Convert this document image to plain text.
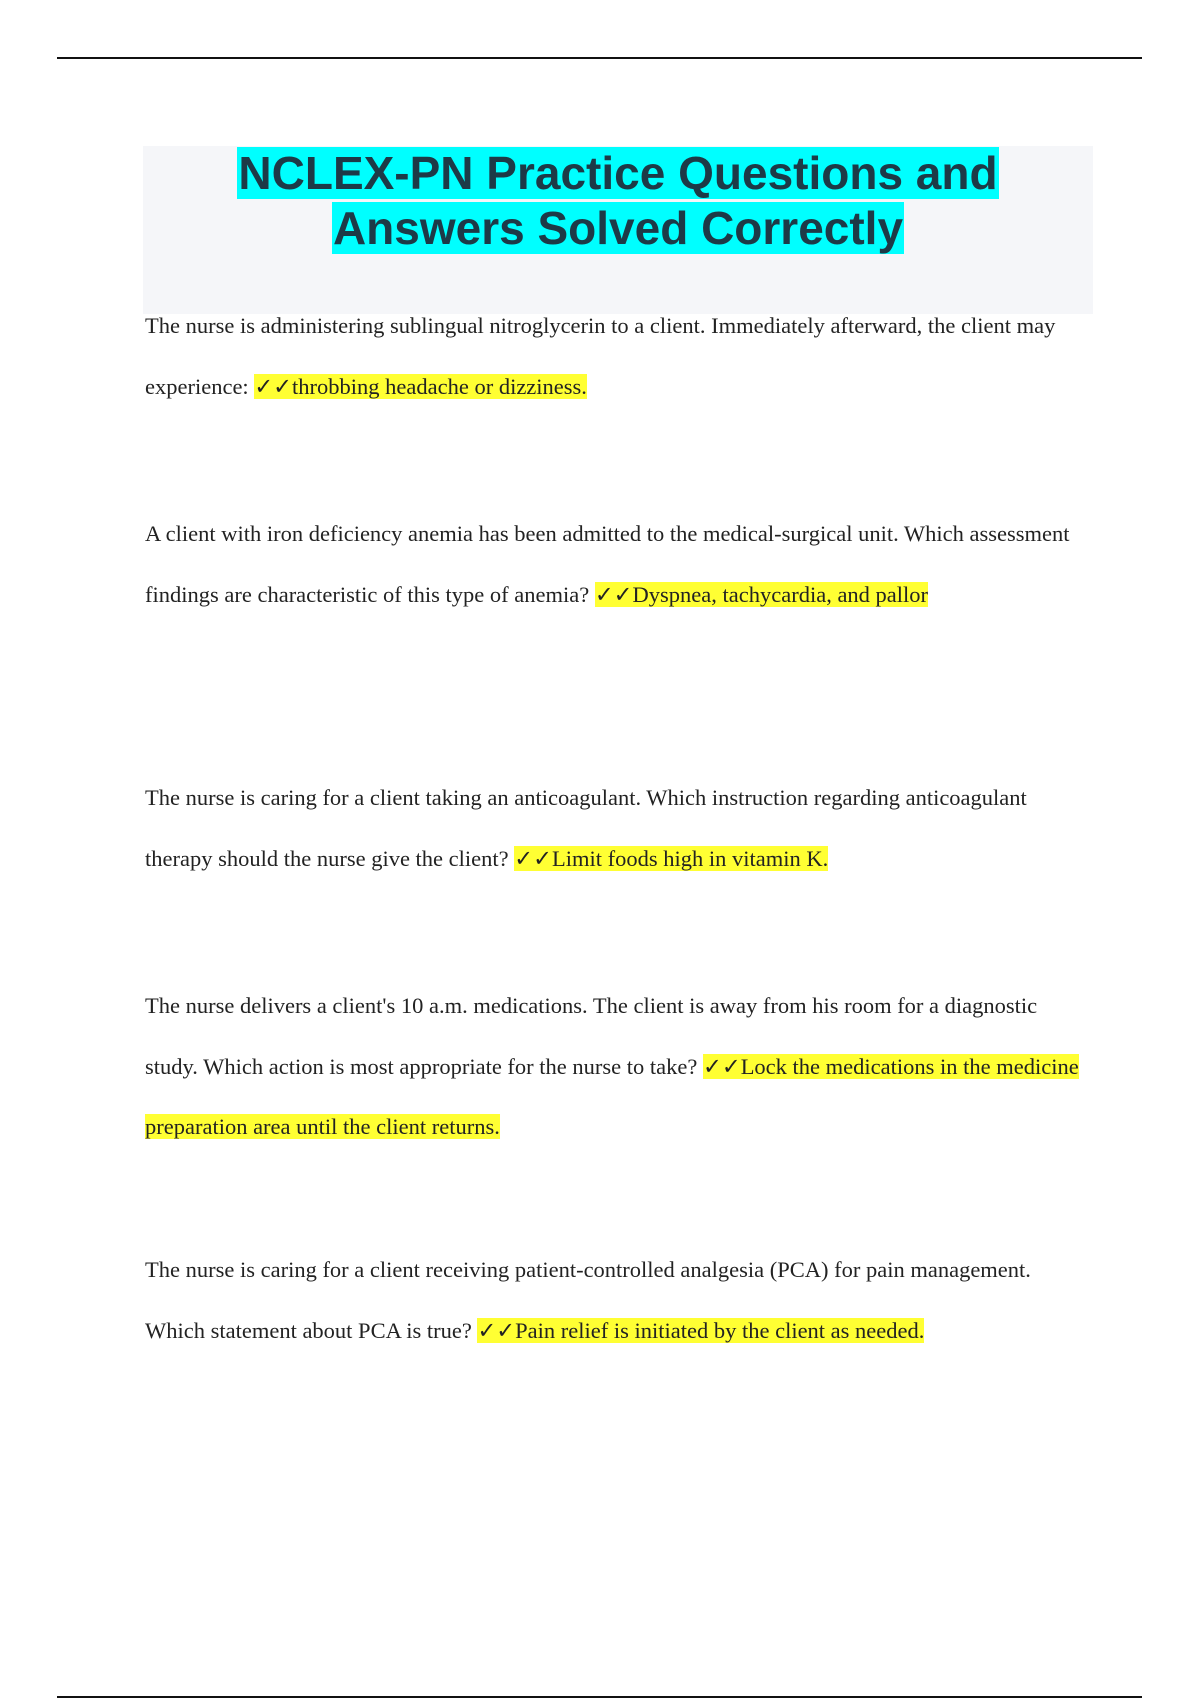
NCLEX-PN Practice Questions and
Answers Solved Correctly

The nurse is administering sublingual nitroglycerin to a client. Immediately afterward, the client may experience: ✓✓throbbing headache or dizziness.

A client with iron deficiency anemia has been admitted to the medical-surgical unit. Which assessment findings are characteristic of this type of anemia? ✓✓Dyspnea, tachycardia, and pallor

The nurse is caring for a client taking an anticoagulant. Which instruction regarding anticoagulant therapy should the nurse give the client? ✓✓Limit foods high in vitamin K.

The nurse delivers a client's 10 a.m. medications. The client is away from his room for a diagnostic study. Which action is most appropriate for the nurse to take? ✓✓Lock the medications in the medicine preparation area until the client returns.

The nurse is caring for a client receiving patient-controlled analgesia (PCA) for pain management. Which statement about PCA is true? ✓✓Pain relief is initiated by the client as needed.
